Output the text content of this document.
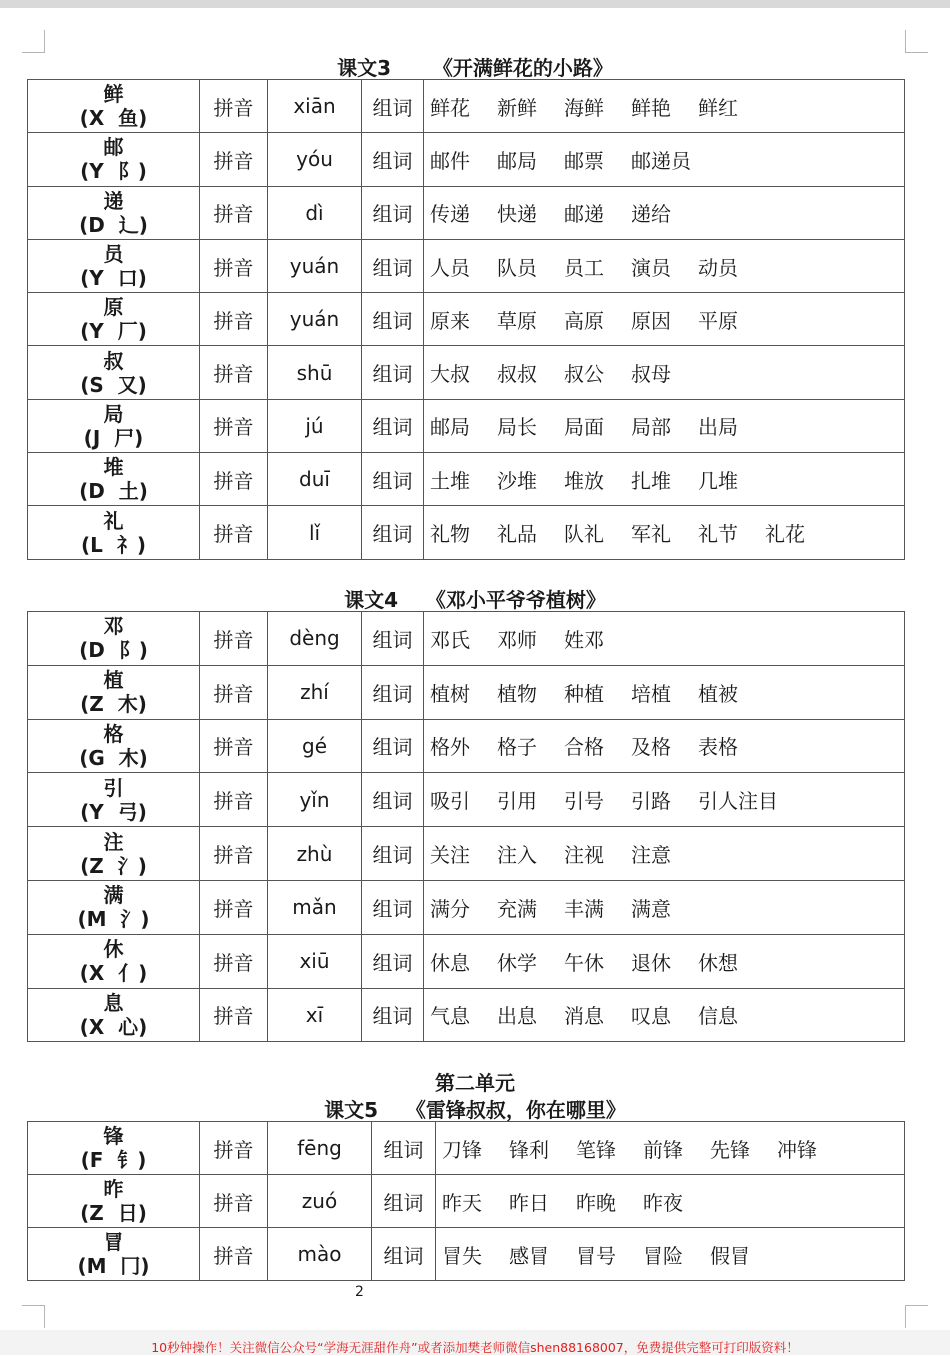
课文3      《开满鲜花的小路》
鲜
(X  鱼)	拼音	xiān	组词	鲜花 新鲜 海鲜 鲜艳 鲜红

邮
(Y  阝)	拼音	yóu	组词	邮件 邮局 邮票 邮递员

递
(D  辶)	拼音	dì	组词	传递 快递 邮递 递给

员
(Y  口)	拼音	yuán	组词	人员 队员 员工 演员 动员

原
(Y  厂)	拼音	yuán	组词	原来 草原 高原 原因 平原

叔
(S  又)	拼音	shū	组词	大叔 叔叔 叔公 叔母

局
(J  尸)	拼音	jú	组词	邮局 局长 局面 局部 出局

堆
(D  土)	拼音	duī	组词	土堆 沙堆 堆放 扎堆 几堆

礼
(L  礻)	拼音	lǐ	组词	礼物 礼品 队礼 军礼 礼节 礼花
课文4    《邓小平爷爷植树》
邓
(D  阝)	拼音	dèng	组词	邓氏 邓师 姓邓

植
(Z  木)	拼音	zhí	组词	植树 植物 种植 培植 植被

格
(G  木)	拼音	gé	组词	格外 格子 合格 及格 表格

引
(Y  弓)	拼音	yǐn	组词	吸引 引用 引号 引路 引人注目

注
(Z  氵)	拼音	zhù	组词	关注 注入 注视 注意

满
(M  氵)	拼音	mǎn	组词	满分 充满 丰满 满意

休
(X  亻)	拼音	xiū	组词	休息 休学 午休 退休 休想

息
(X  心)	拼音	xī	组词	气息 出息 消息 叹息 信息
第二单元
课文5    《雷锋叔叔，你在哪里》
锋
(F  钅)	拼音	fēng	组词	刀锋 锋利 笔锋 前锋 先锋 冲锋

昨
(Z  日)	拼音	zuó	组词	昨天 昨日 昨晚 昨夜

冒
(M  冂)	拼音	mào	组词	冒失 感冒 冒号 冒险 假冒
2
10秒钟操作！关注微信公众号“学海无涯甜作舟”或者添加樊老师微信shen88168007，免费提供完整可打印版资料！
